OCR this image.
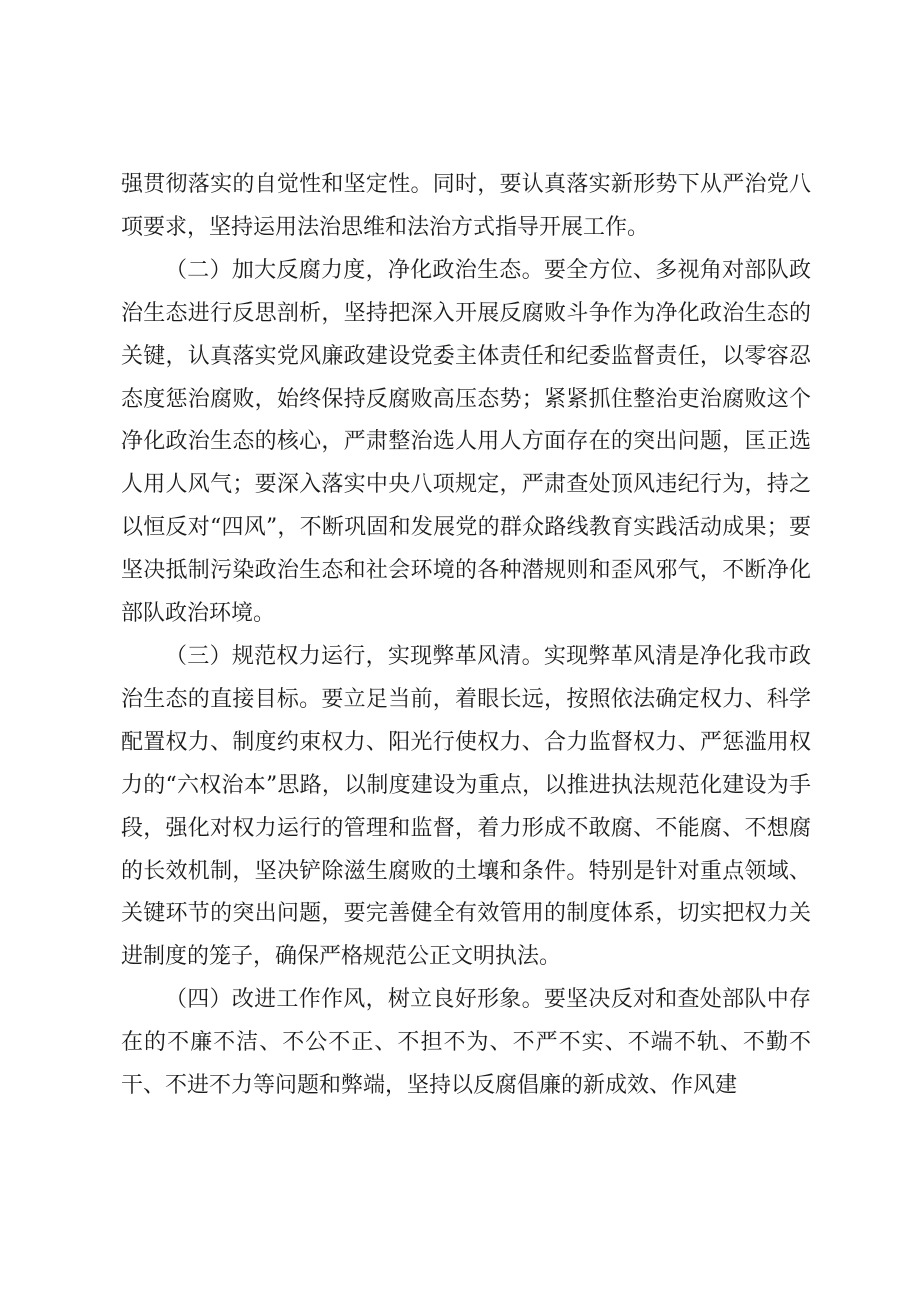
强贯彻落实的自觉性和坚定性。同时，要认真落实新形势下从严治党八项要求，坚持运用法治思维和法治方式指导开展工作。

（二）加大反腐力度，净化政治生态。要全方位、多视角对部队政治生态进行反思剖析，坚持把深入开展反腐败斗争作为净化政治生态的关键，认真落实党风廉政建设党委主体责任和纪委监督责任，以零容忍态度惩治腐败，始终保持反腐败高压态势；紧紧抓住整治吏治腐败这个净化政治生态的核心，严肃整治选人用人方面存在的突出问题，匡正选人用人风气；要深入落实中央八项规定，严肃查处顶风违纪行为，持之以恒反对“四风”，不断巩固和发展党的群众路线教育实践活动成果；要坚决抵制污染政治生态和社会环境的各种潜规则和歪风邪气，不断净化部队政治环境。

（三）规范权力运行，实现弊革风清。实现弊革风清是净化我市政治生态的直接目标。要立足当前，着眼长远，按照依法确定权力、科学配置权力、制度约束权力、阳光行使权力、合力监督权力、严惩滥用权力的“六权治本”思路，以制度建设为重点，以推进执法规范化建设为手段，强化对权力运行的管理和监督，着力形成不敢腐、不能腐、不想腐的长效机制，坚决铲除滋生腐败的土壤和条件。特别是针对重点领域、关键环节的突出问题，要完善健全有效管用的制度体系，切实把权力关进制度的笼子，确保严格规范公正文明执法。

（四）改进工作作风，树立良好形象。要坚决反对和查处部队中存在的不廉不洁、不公不正、不担不为、不严不实、不端不轨、不勤不干、不进不力等问题和弊端，坚持以反腐倡廉的新成效、作风建
